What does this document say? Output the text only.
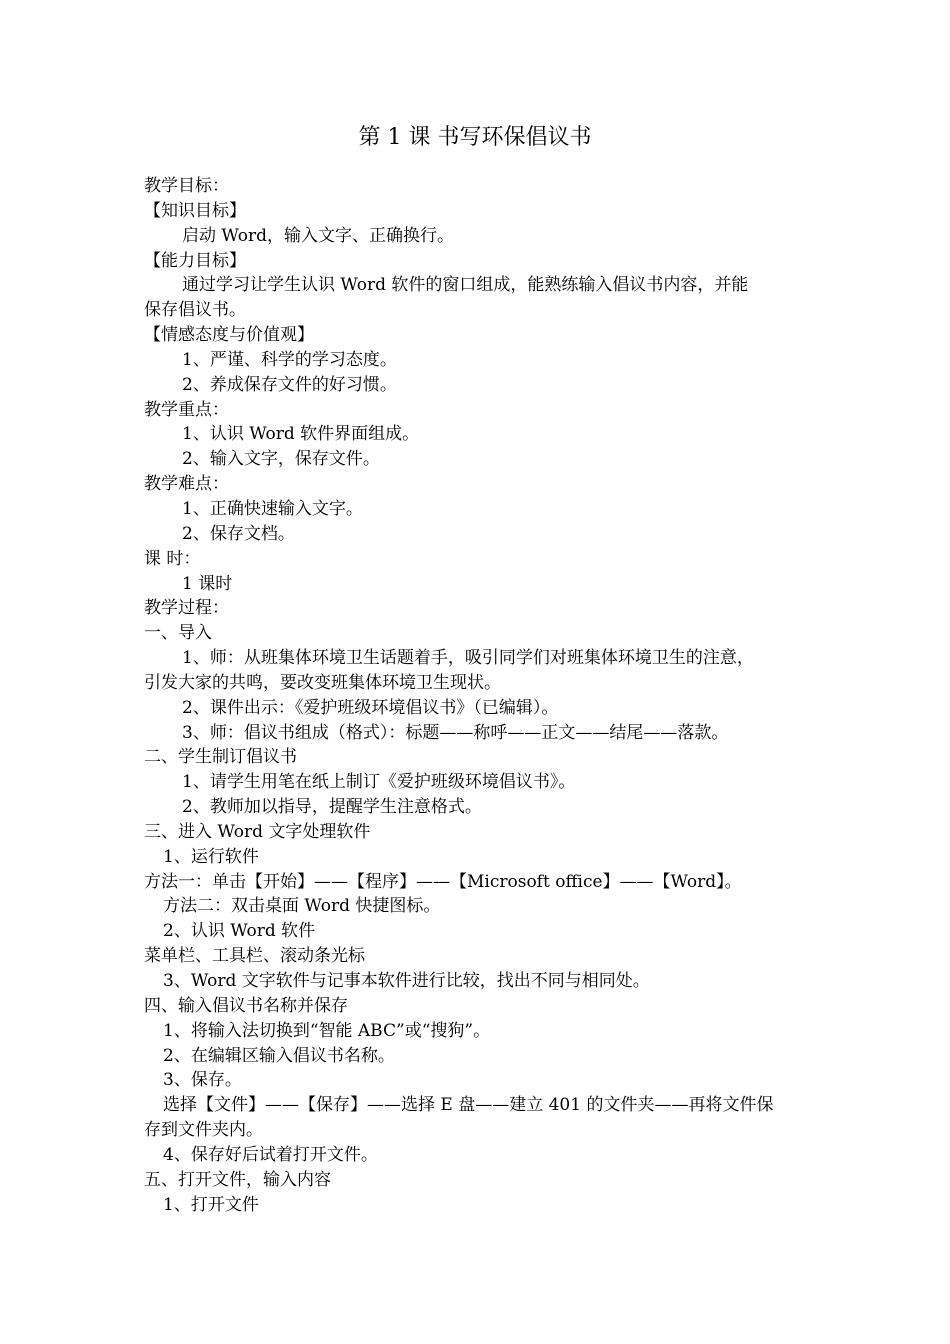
第 1 课 书写环保倡议书
教学目标：
【知识目标】
启动 Word，输入文字、正确换行。
【能力目标】
通过学习让学生认识 Word 软件的窗口组成，能熟练输入倡议书内容，并能
保存倡议书。
【情感态度与价值观】
1、严谨、科学的学习态度。
2、养成保存文件的好习惯。
教学重点：
1、认识 Word 软件界面组成。
2、输入文字，保存文件。
教学难点：
1、正确快速输入文字。
2、保存文档。
课 时：
1 课时
教学过程：
一、导入
1、师：从班集体环境卫生话题着手，吸引同学们对班集体环境卫生的注意，
引发大家的共鸣，要改变班集体环境卫生现状。
2、课件出示：《爱护班级环境倡议书》（已编辑）。
3、师：倡议书组成（格式）：标题——称呼——正文——结尾——落款。
二、学生制订倡议书
1、请学生用笔在纸上制订《爱护班级环境倡议书》。
2、教师加以指导，提醒学生注意格式。
三、进入 Word 文字处理软件
1、运行软件
方法一：单击【开始】——【程序】——【Microsoft office】——【Word】。
方法二：双击桌面 Word 快捷图标。
2、认识 Word 软件
菜单栏、工具栏、滚动条光标
3、Word 文字软件与记事本软件进行比较，找出不同与相同处。
四、输入倡议书名称并保存
1、将输入法切换到“智能 ABC”或“搜狗”。
2、在编辑区输入倡议书名称。
3、保存。
选择【文件】——【保存】——选择 E 盘——建立 401 的文件夹——再将文件保
存到文件夹内。
4、保存好后试着打开文件。
五、打开文件，输入内容
1、打开文件
